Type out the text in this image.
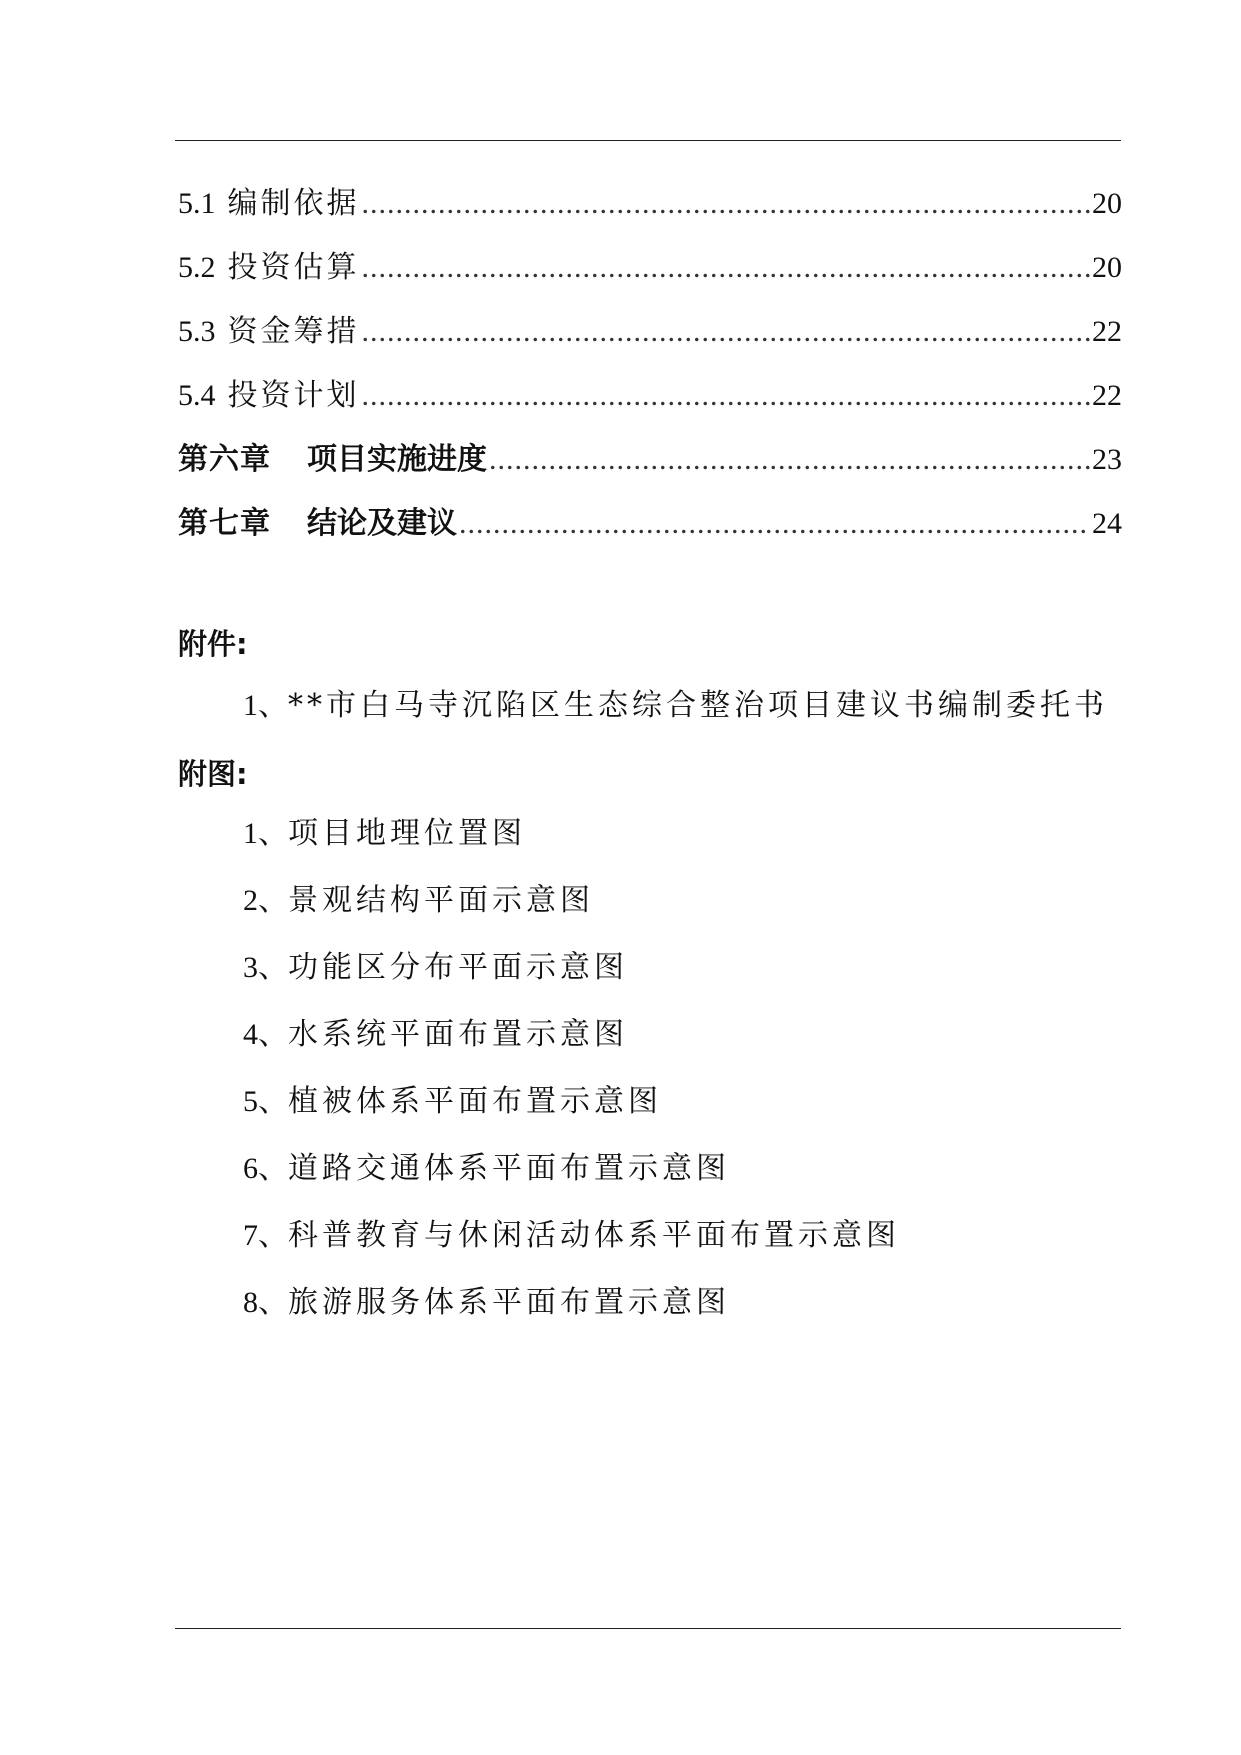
5.1 编制依据 .....	20
5.2 投资估算 .....	20
5.3 资金筹措 .....	22
5.4 投资计划 .....	22
第六章 项目实施进度 .....	23
第七章 结论及建议 .....	24
附件:
1、**市白马寺沉陷区生态综合整治项目建议书编制委托书
附图:
1、项目地理位置图
2、景观结构平面示意图
3、功能区分布平面示意图
4、水系统平面布置示意图
5、植被体系平面布置示意图
6、道路交通体系平面布置示意图
7、科普教育与休闲活动体系平面布置示意图
8、旅游服务体系平面布置示意图
